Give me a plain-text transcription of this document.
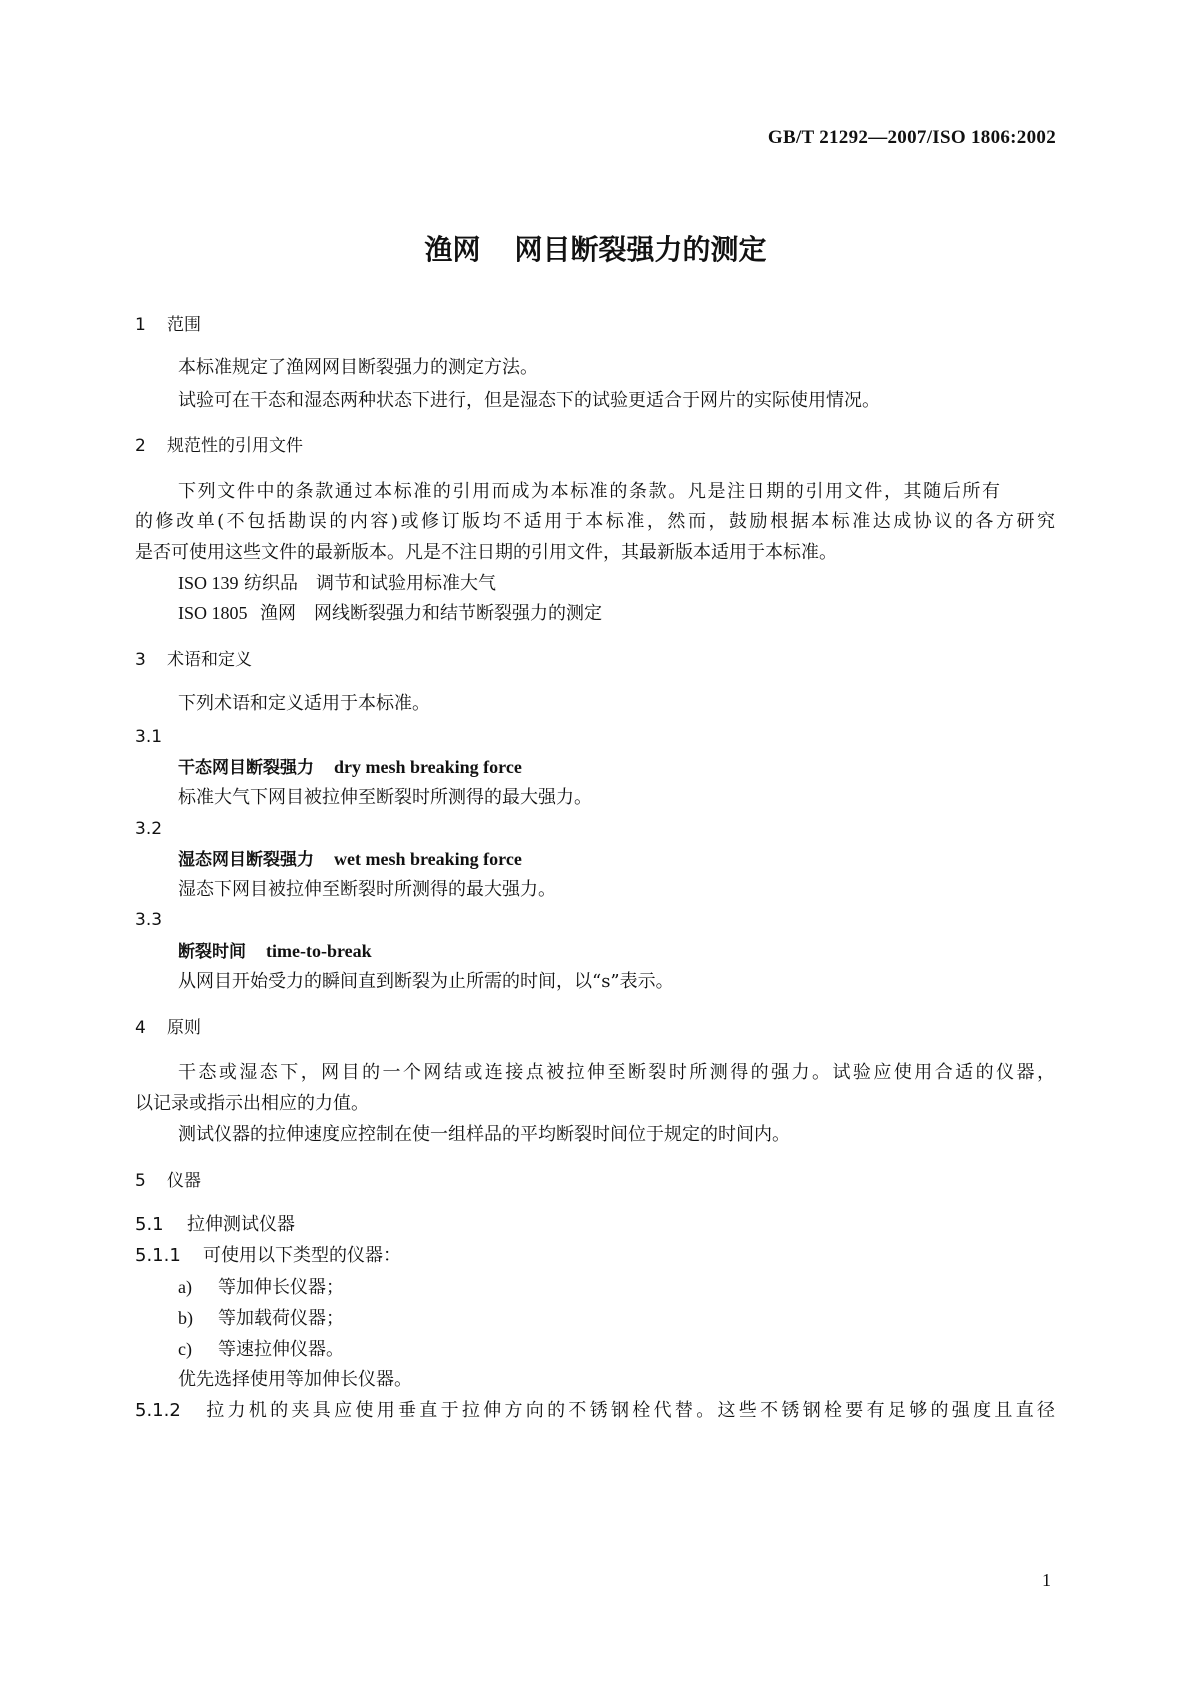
GB/T 21292—2007/ISO 1806:2002
渔网 网目断裂强力的测定
1 范围
本标准规定了渔网网目断裂强力的测定方法。
试验可在干态和湿态两种状态下进行，但是湿态下的试验更适合于网片的实际使用情况。
2 规范性的引用文件
下列文件中的条款通过本标准的引用而成为本标准的条款。凡是注日期的引用文件，其随后所有
的修改单(不包括勘误的内容)或修订版均不适用于本标准，然而，鼓励根据本标准达成协议的各方研究
是否可使用这些文件的最新版本。凡是不注日期的引用文件，其最新版本适用于本标准。
ISO 139 纺织品　调节和试验用标准大气
ISO 1805 渔网　网线断裂强力和结节断裂强力的测定
3 术语和定义
下列术语和定义适用于本标准。
3.1
干态网目断裂强力 dry mesh breaking force
标准大气下网目被拉伸至断裂时所测得的最大强力。
3.2
湿态网目断裂强力 wet mesh breaking force
湿态下网目被拉伸至断裂时所测得的最大强力。
3.3
断裂时间 time-to-break
从网目开始受力的瞬间直到断裂为止所需的时间，以“s”表示。
4 原则
干态或湿态下，网目的一个网结或连接点被拉伸至断裂时所测得的强力。试验应使用合适的仪器，
以记录或指示出相应的力值。
测试仪器的拉伸速度应控制在使一组样品的平均断裂时间位于规定的时间内。
5 仪器
5.1 拉伸测试仪器
5.1.1 可使用以下类型的仪器：
a) 等加伸长仪器；
b) 等加载荷仪器；
c) 等速拉伸仪器。
优先选择使用等加伸长仪器。
5.1.2 拉力机的夹具应使用垂直于拉伸方向的不锈钢栓代替。这些不锈钢栓要有足够的强度且直径
1
